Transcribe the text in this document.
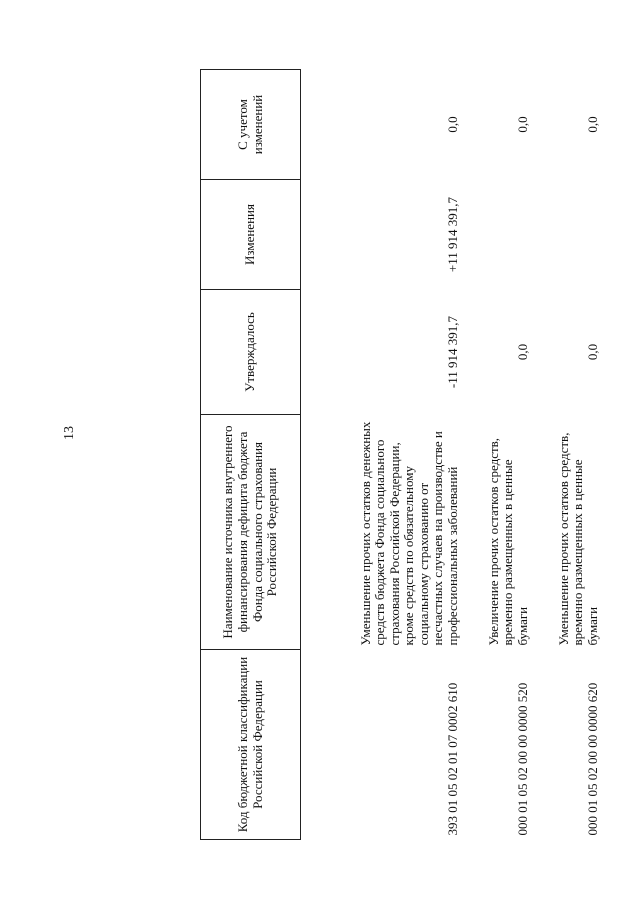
13
Код бюджетной классификации Российской Федерации	Наименование источника внутреннего финансирования дефицита бюджета Фонда социального страхования Российской Федерации	Утверждалось	Изменения	С учетом изменений
393 01 05 02 01 07 0002 610	Уменьшение прочих остатков денежных средств бюджета Фонда социального страхования Российской Федерации, кроме средств по обязательному социальному страхованию от несчастных случаев на производстве и профессиональных заболеваний	-11 914 391,7	+11 914 391,7	0,0
000 01 05 02 00 00 0000 520	Увеличение прочих остатков средств, временно размещенных в ценные бумаги	0,0		0,0
000 01 05 02 00 00 0000 620	Уменьшение прочих остатков средств, временно размещенных в ценные бумаги	0,0		0,0
